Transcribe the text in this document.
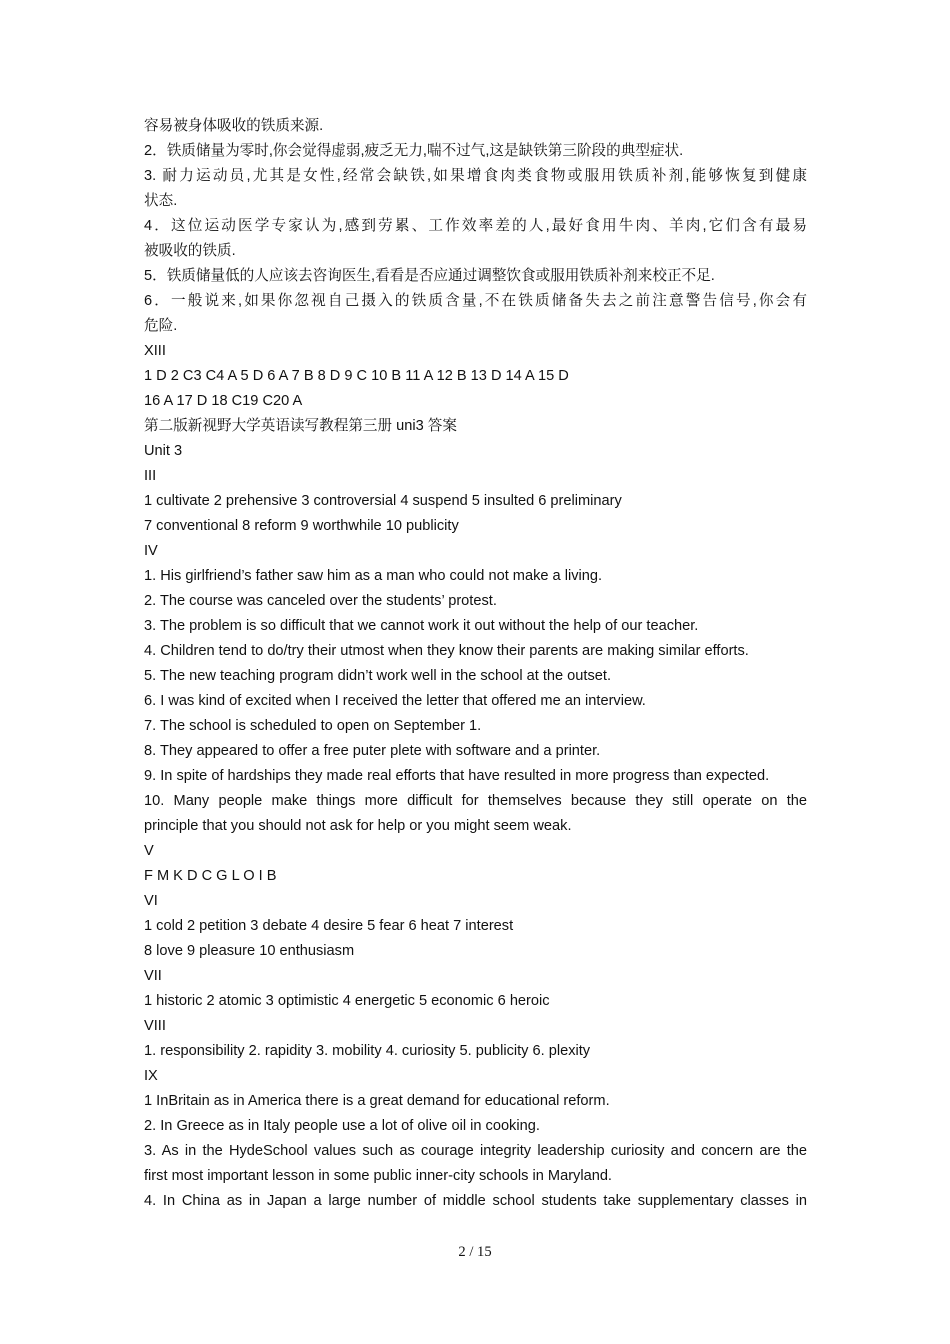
容易被身体吸收的铁质来源.
2．铁质储量为零时,你会觉得虚弱,疲乏无力,喘不过气,这是缺铁第三阶段的典型症状.
3. 耐力运动员,尤其是女性,经常会缺铁,如果增食肉类食物或服用铁质补剂,能够恢复到健康
状态.
4．这位运动医学专家认为,感到劳累、工作效率差的人,最好食用牛肉、羊肉,它们含有最易
被吸收的铁质.
5．铁质储量低的人应该去咨询医生,看看是否应通过调整饮食或服用铁质补剂来校正不足.
6．一般说来,如果你忽视自己摄入的铁质含量,不在铁质储备失去之前注意警告信号,你会有
危险.
XIII
1 D 2 C3 C4 A 5 D 6 A 7 B 8 D 9 C 10 B 11 A 12 B 13 D 14 A 15 D
16 A 17 D 18 C19 C20 A
第二版新视野大学英语读写教程第三册 uni3 答案
Unit 3
III
1 cultivate 2 prehensive 3 controversial 4 suspend 5 insulted 6 preliminary
7 conventional 8 reform 9 worthwhile 10 publicity
IV
1. His girlfriend’s father saw him as a man who could not make a living.
2. The course was canceled over the students’ protest.
3. The problem is so difficult that we cannot work it out without the help of our teacher.
4. Children tend to do/try their utmost when they know their parents are making similar efforts.
5. The new teaching program didn’t work well in the school at the outset.
6. I was kind of excited when I received the letter that offered me an interview.
7. The school is scheduled to open on September 1.
8. They appeared to offer a free puter plete with software and a printer.
9. In spite of hardships they made real efforts that have resulted in more progress than expected.
10. Many people make things more difficult for themselves because they still operate on the
principle that you should not ask for help or you might seem weak.
V
F M K D C G L O I B
VI
1 cold 2 petition 3 debate 4 desire 5 fear 6 heat 7 interest
8 love 9 pleasure 10 enthusiasm
VII
1 historic 2 atomic 3 optimistic 4 energetic 5 economic 6 heroic
VIII
1. responsibility 2. rapidity 3. mobility 4. curiosity 5. publicity 6. plexity
IX
1 InBritain as in America there is a great demand for educational reform.
2. In Greece as in Italy people use a lot of olive oil in cooking.
3. As in the HydeSchool values such as courage integrity leadership curiosity and concern are the
first most important lesson in some public inner-city schools in Maryland.
4. In China as in Japan a large number of middle school students take supplementary classes in
2 / 15
